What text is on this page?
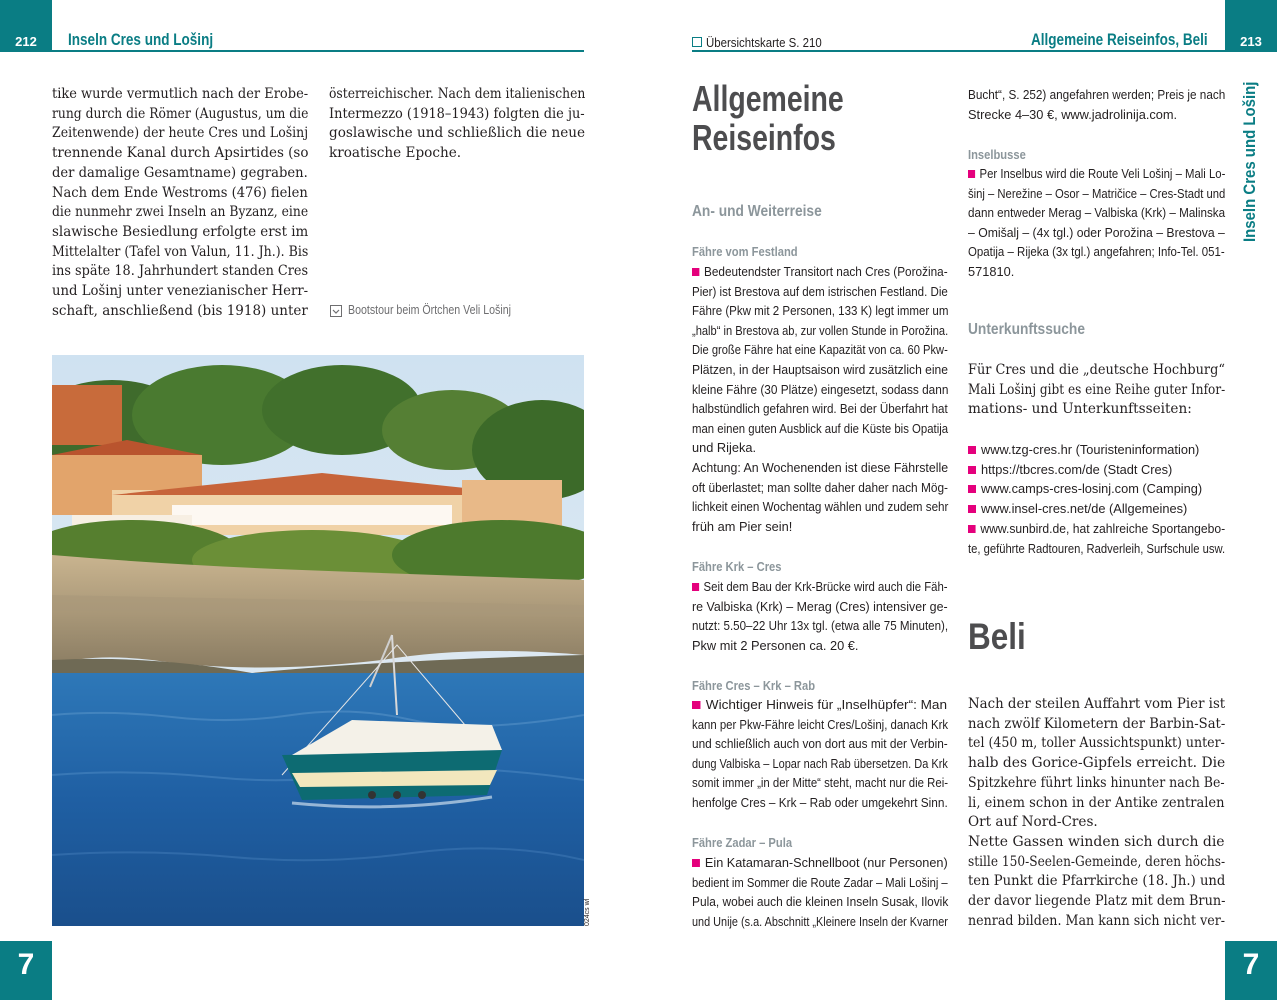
212	Inseln Cres und Lošinj
tike wurde vermutlich nach der Erobe-
rung durch die Römer (Augustus, um die
Zeitenwende) der heute Cres und Lošinj
trennende Kanal durch Apsirtides (so
der damalige Gesamtname) gegraben.
Nach dem Ende Westroms (476) fielen
die nunmehr zwei Inseln an Byzanz, eine
slawische Besiedlung erfolgte erst im
Mittelalter (Tafel von Valun, 11. Jh.). Bis
ins späte 18. Jahrhundert standen Cres
und Lošinj unter venezianischer Herr-
schaft, anschließend (bis 1918) unter
österreichischer. Nach dem italienischen
Intermezzo (1918–1943) folgten die ju-
goslawische und schließlich die neue
kroatische Epoche.
Bootstour beim Örtchen Veli Lošinj
024cs wl
7
Übersichtskarte S. 210	Allgemeine Reiseinfos, Beli	213
Inseln Cres und Lošinj
Allgemeine
Reiseinfos
An- und Weiterreise
Fähre vom Festland
Bedeutendster Transitort nach Cres (Porožina-
Pier) ist Brestova auf dem istrischen Festland. Die
Fähre (Pkw mit 2 Personen, 133 K) legt immer um
„halb“ in Brestova ab, zur vollen Stunde in Porožina.
Die große Fähre hat eine Kapazität von ca. 60 Pkw-
Plätzen, in der Hauptsaison wird zusätzlich eine
kleine Fähre (30 Plätze) eingesetzt, sodass dann
halbstündlich gefahren wird. Bei der Überfahrt hat
man einen guten Ausblick auf die Küste bis Opatija
und Rijeka.
Achtung: An Wochenenden ist diese Fährstelle
oft überlastet; man sollte daher daher nach Mög-
lichkeit einen Wochentag wählen und zudem sehr
früh am Pier sein!
Fähre Krk – Cres
Seit dem Bau der Krk-Brücke wird auch die Fäh-
re Valbiska (Krk) – Merag (Cres) intensiver ge-
nutzt: 5.50–22 Uhr 13x tgl. (etwa alle 75 Minuten),
Pkw mit 2 Personen ca. 20 €.
Fähre Cres – Krk – Rab
Wichtiger Hinweis für „Inselhüpfer“: Man
kann per Pkw-Fähre leicht Cres/Lošinj, danach Krk
und schließlich auch von dort aus mit der Verbin-
dung Valbiska – Lopar nach Rab übersetzen. Da Krk
somit immer „in der Mitte“ steht, macht nur die Rei-
henfolge Cres – Krk – Rab oder umgekehrt Sinn.
Fähre Zadar – Pula
Ein Katamaran-Schnellboot (nur Personen)
bedient im Sommer die Route Zadar – Mali Lošinj –
Pula, wobei auch die kleinen Inseln Susak, Ilovik
und Unije (s.a. Abschnitt „Kleinere Inseln der Kvarner
Bucht“, S. 252) angefahren werden; Preis je nach
Strecke 4–30 €, www.jadrolinija.com.
Inselbusse
Per Inselbus wird die Route Veli Lošinj – Mali Lo-
šinj – Nerežine – Osor – Matričice – Cres-Stadt und
dann entweder Merag – Valbiska (Krk) – Malinska
– Omišalj – (4x tgl.) oder Porožina – Brestova –
Opatija – Rijeka (3x tgl.) angefahren; Info-Tel. 051-
571810.
Unterkunftssuche
Für Cres und die „deutsche Hochburg“
Mali Lošinj gibt es eine Reihe guter Infor-
mations- und Unterkunftsseiten:
www.tzg-cres.hr (Touristeninformation)
https://tbcres.com/de (Stadt Cres)
www.camps-cres-losinj.com (Camping)
www.insel-cres.net/de (Allgemeines)
www.sunbird.de, hat zahlreiche Sportangebo-
te, geführte Radtouren, Radverleih, Surfschule usw.
Beli
Nach der steilen Auffahrt vom Pier ist
nach zwölf Kilometern der Barbin-Sat-
tel (450 m, toller Aussichtspunkt) unter-
halb des Gorice-Gipfels erreicht. Die
Spitzkehre führt links hinunter nach Be-
li, einem schon in der Antike zentralen
Ort auf Nord-Cres.
Nette Gassen winden sich durch die
stille 150-Seelen-Gemeinde, deren höchs-
ten Punkt die Pfarrkirche (18. Jh.) und
der davor liegende Platz mit dem Brun-
nenrad bilden. Man kann sich nicht ver-
7
